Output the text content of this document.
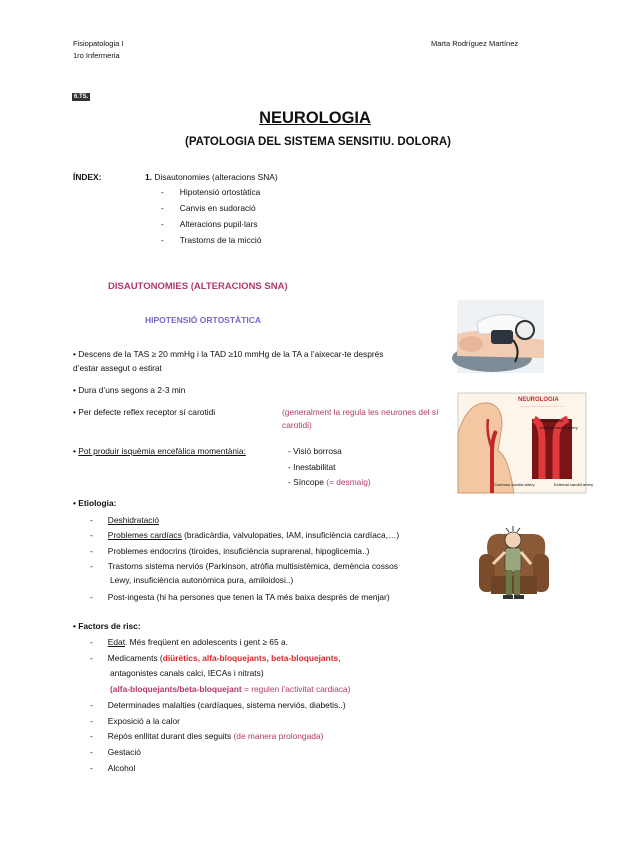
Fisiopatologia I
1ro Infermeria
Marta Rodríguez Martínez
6.TS.
NEUROLOGIA
(PATOLOGIA DEL SISTEMA SENSITIU. DOLORA)
ÍNDEX:	1. Disautonomies (alteracions SNA)
- Hipotensió ortostàtica
- Canvis en sudoració
- Alteracions pupil·lars
- Trastorns de la micció
DISAUTONOMIES (ALTERACIONS SNA)
HIPOTENSIÓ ORTOSTÀTICA
• Descens de la TAS ≥ 20 mmHg i la TAD ≥10 mmHg de la TA a l’aixecar-te després
d’estar assegut o estirat
• Dura d’uns segons a 2-3 min
• Per defecte reflex receptor sí carotidi	(generalment la regula les neurones del sí
carotidi)
• Pot produir isquèmia encefàlica momentània:	- Visió borrosa
- Inestabilitat
- Síncope (= desmaig)
NEUROLOGIA
·····································
Carotid sinus
Internal carotid artery
Common carotid artery	External carotid artery
• Etiologia:
- Deshidratació
- Problemes cardíacs (bradicàrdia, valvulopaties, IAM, insuficiència cardíaca,…)
- Problemes endocrins (tiroides, insuficiència suprarenal, hipoglicemia..)
- Trastorns sistema nerviós (Parkinson, atròfia multisistèmica, demència cossos
Lewy, insuficiència autonòmica pura, amiloidosi..)
- Post-ingesta (hi ha persones que tenen la TA més baixa després de menjar)
• Factors de risc:
- Edat. Més freqüent en adolescents i gent ≥ 65 a.
- Medicaments (diürètics, alfa-bloquejants, beta-bloquejants,
antagonistes canals calci, IECAs i nitrats)
(alfa-bloquejants/beta-bloquejant = regulen l’activitat cardiaca)
- Determinades malalties (cardíaques, sistema nerviós, diabetis..)
- Exposició a la calor
- Repòs enllitat durant dies seguits (de manera prolongada)
- Gestació
- Alcohol
